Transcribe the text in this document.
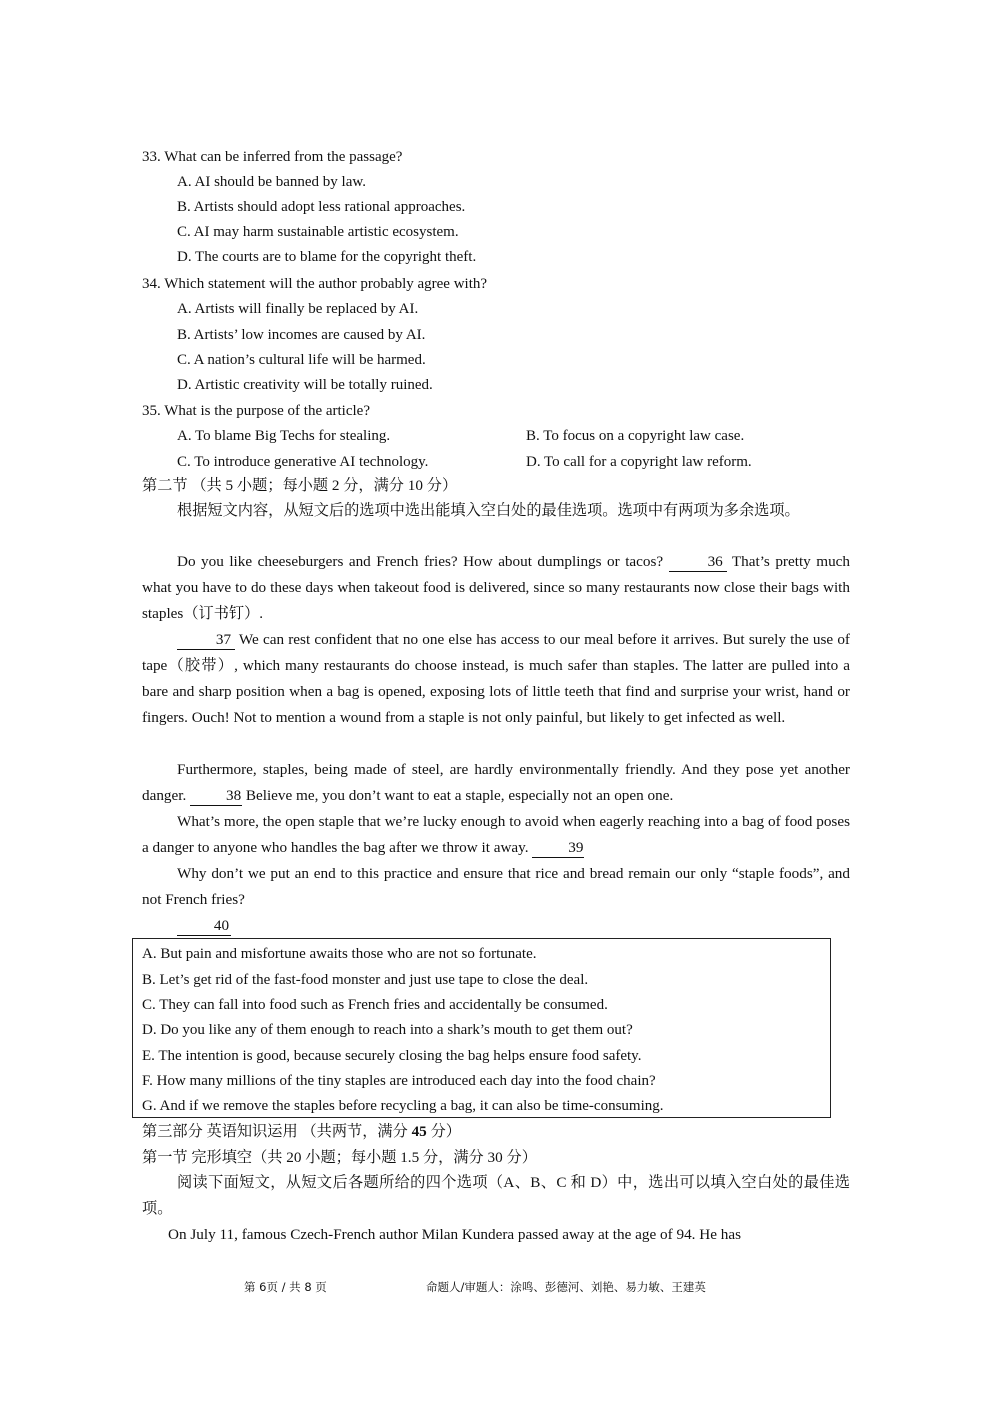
33. What can be inferred from the passage?
A. AI should be banned by law.
B. Artists should adopt less rational approaches.
C. AI may harm sustainable artistic ecosystem.
D. The courts are to blame for the copyright theft.
34. Which statement will the author probably agree with?
A. Artists will finally be replaced by AI.
B. Artists’ low incomes are caused by AI.
C. A nation’s cultural life will be harmed.
D. Artistic creativity will be totally ruined.
35. What is the purpose of the article?
A. To blame Big Techs for stealing.	B. To focus on a copyright law case.
C. To introduce generative AI technology.	D. To call for a copyright law reform.
第二节 （共 5 小题；每小题 2 分，满分 10 分）
根据短文内容，从短文后的选项中选出能填入空白处的最佳选项。选项中有两项为多余选项。
Do you like cheeseburgers and French fries? How about dumplings or tacos?	36 That’s pretty much what you have to do these days when takeout food is delivered, since so many restaurants now close their bags with staples（订书钉）.
37 We can rest confident that no one else has access to our meal before it arrives. But surely the use of tape（胶带）, which many restaurants do choose instead, is much safer than staples. The latter are pulled into a bare and sharp position when a bag is opened, exposing lots of little teeth that find and surprise your wrist, hand or fingers. Ouch! Not to mention a wound from a staple is not only painful, but likely to get infected as well.
Furthermore, staples, being made of steel, are hardly environmentally friendly. And they pose yet another danger. 38 Believe me, you don’t want to eat a staple, especially not an open one.
What’s more, the open staple that we’re lucky enough to avoid when eagerly reaching into a bag of food poses a danger to anyone who handles the bag after we throw it away. 39
Why don’t we put an end to this practice and ensure that rice and bread remain our only “staple foods”, and not French fries?
40
A. But pain and misfortune awaits those who are not so fortunate.
B. Let’s get rid of the fast-food monster and just use tape to close the deal.
C. They can fall into food such as French fries and accidentally be consumed.
D. Do you like any of them enough to reach into a shark’s mouth to get them out?
E. The intention is good, because securely closing the bag helps ensure food safety.
F. How many millions of the tiny staples are introduced each day into the food chain?
G. And if we remove the staples before recycling a bag, it can also be time-consuming.
第三部分 英语知识运用 （共两节，满分 45 分）
第一节 完形填空（共 20 小题；每小题 1.5 分，满分 30 分）
阅读下面短文，从短文后各题所给的四个选项（A、B、C 和 D）中，选出可以填入空白处的最佳选项。
On July 11, famous Czech-French author Milan Kundera passed away at the age of 94. He has
第 6页 / 共 8 页	命题人/审题人：涂鸣、彭德河、刘艳、易力敏、王建英
